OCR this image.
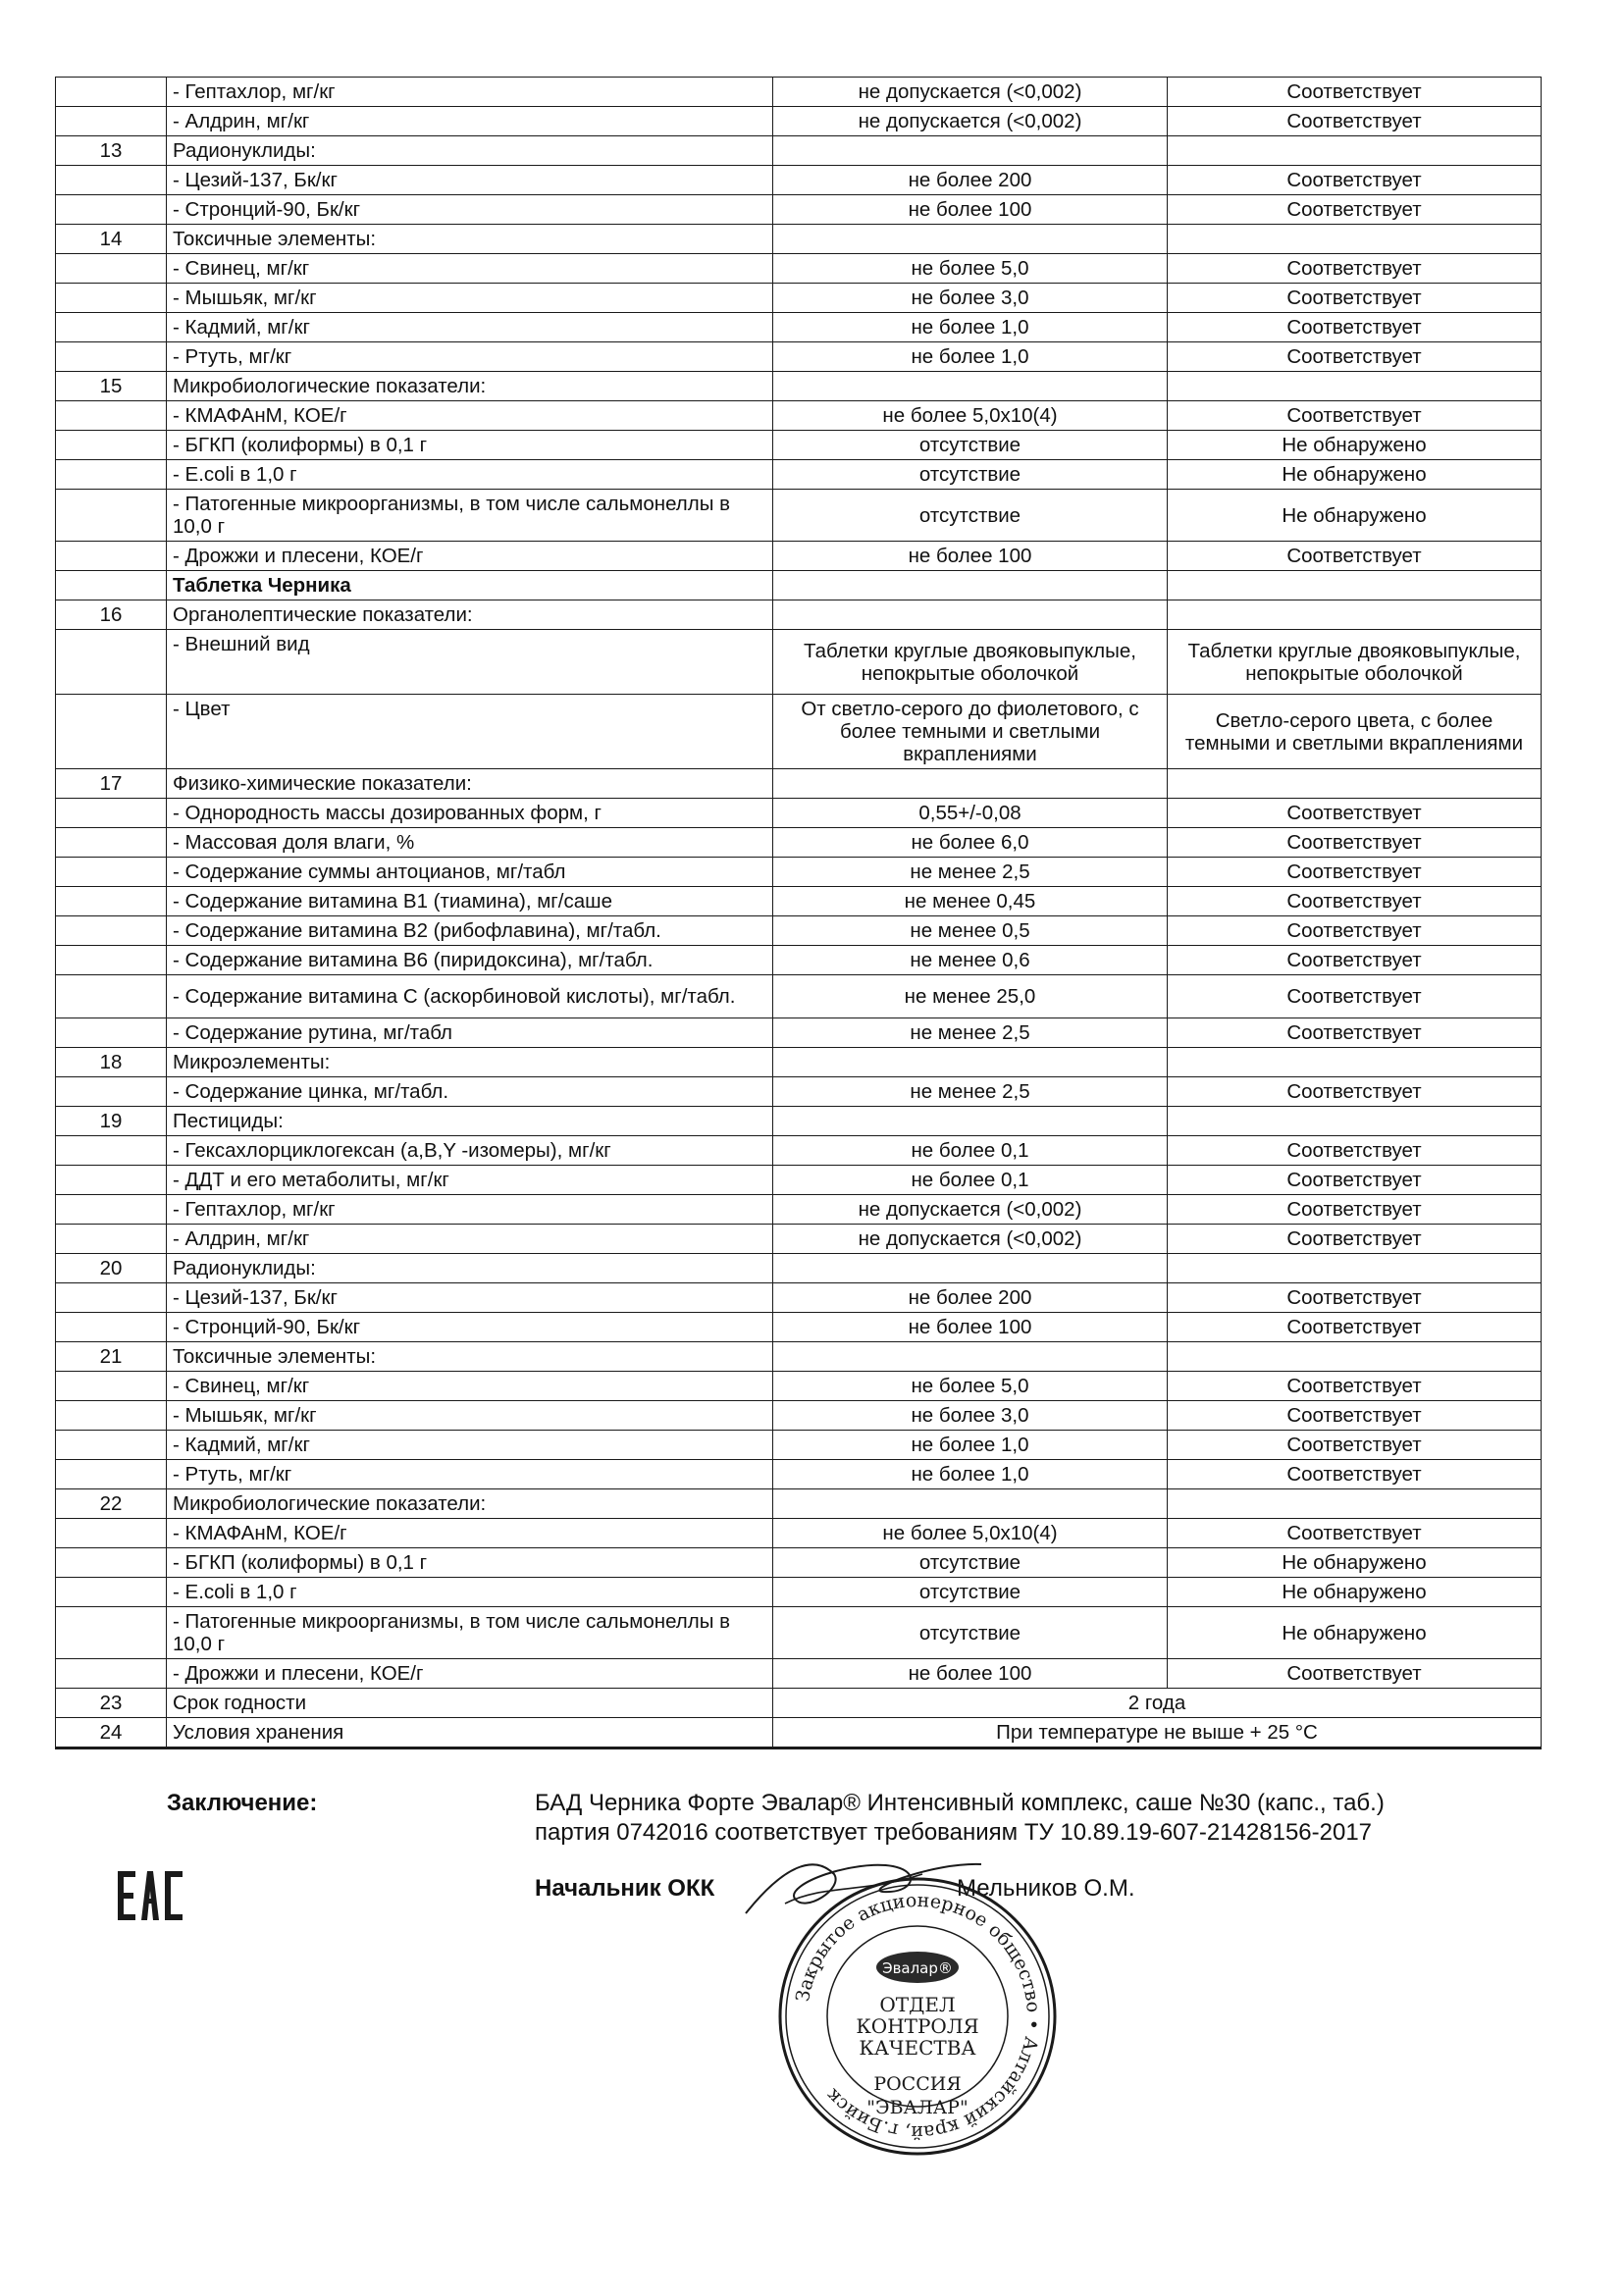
	- Гептахлор, мг/кг	не допускается (<0,002)	Соответствует
	- Алдрин, мг/кг	не допускается (<0,002)	Соответствует
13	Радионуклиды:		
	- Цезий-137, Бк/кг	не более 200	Соответствует
	- Стронций-90, Бк/кг	не более 100	Соответствует
14	Токсичные элементы:		
	- Свинец, мг/кг	не более 5,0	Соответствует
	- Мышьяк, мг/кг	не более 3,0	Соответствует
	- Кадмий, мг/кг	не более 1,0	Соответствует
	- Ртуть, мг/кг	не более 1,0	Соответствует
15	Микробиологические показатели:		
	- КМАФАнМ, КОЕ/г	не более 5,0x10(4)	Соответствует
	- БГКП (колиформы) в 0,1 г	отсутствие	Не обнаружено
	- E.coli в 1,0 г	отсутствие	Не обнаружено
	- Патогенные микроорганизмы, в том числе сальмонеллы в 10,0 г	отсутствие	Не обнаружено
	- Дрожжи и плесени, КОЕ/г	не более 100	Соответствует
	Таблетка Черника		
16	Органолептические показатели:		
	- Внешний вид	Таблетки круглые двояковыпуклые, непокрытые оболочкой	Таблетки круглые двояковыпуклые, непокрытые оболочкой
	- Цвет	От светло-серого до фиолетового, с более темными и светлыми вкраплениями	Светло-серого цвета, с более темными и светлыми вкраплениями
17	Физико-химические показатели:		
	- Однородность массы дозированных форм, г	0,55+/-0,08	Соответствует
	- Массовая доля влаги, %	не более 6,0	Соответствует
	- Содержание суммы антоцианов, мг/табл	не менее 2,5	Соответствует
	- Содержание витамина В1 (тиамина), мг/саше	не менее 0,45	Соответствует
	- Содержание витамина В2 (рибофлавина), мг/табл.	не менее 0,5	Соответствует
	- Содержание витамина В6 (пиридоксина), мг/табл.	не менее 0,6	Соответствует
	- Содержание витамина С (аскорбиновой кислоты), мг/табл.	не менее 25,0	Соответствует
	- Содержание рутина, мг/табл	не менее 2,5	Соответствует
18	Микроэлементы:		
	- Содержание цинка, мг/табл.	не менее 2,5	Соответствует
19	Пестициды:		
	- Гексахлорциклогексан (а,В,Y -изомеры), мг/кг	не более 0,1	Соответствует
	- ДДТ и его метаболиты, мг/кг	не более 0,1	Соответствует
	- Гептахлор, мг/кг	не допускается (<0,002)	Соответствует
	- Алдрин, мг/кг	не допускается (<0,002)	Соответствует
20	Радионуклиды:		
	- Цезий-137, Бк/кг	не более 200	Соответствует
	- Стронций-90, Бк/кг	не более 100	Соответствует
21	Токсичные элементы:		
	- Свинец, мг/кг	не более 5,0	Соответствует
	- Мышьяк, мг/кг	не более 3,0	Соответствует
	- Кадмий, мг/кг	не более 1,0	Соответствует
	- Ртуть, мг/кг	не более 1,0	Соответствует
22	Микробиологические показатели:		
	- КМАФАнМ, КОЕ/г	не более 5,0x10(4)	Соответствует
	- БГКП (колиформы) в 0,1 г	отсутствие	Не обнаружено
	- E.coli в 1,0 г	отсутствие	Не обнаружено
	- Патогенные микроорганизмы, в том числе сальмонеллы в 10,0 г	отсутствие	Не обнаружено
	- Дрожжи и плесени, КОЕ/г	не более 100	Соответствует
23	Срок годности	2 года	
24	Условия хранения	При температуре не выше + 25 °С	
Заключение:	БАД Черника Форте Эвалар® Интенсивный комплекс, саше №30 (капс., таб.)
партия 0742016 соответствует требованиям ТУ 10.89.19-607-21428156-2017
Начальник ОКК	Мельников О.М.
Закрытое акционерное общество • Алтайский край, г.Бийск
Эвалар®
ОТДЕЛ
КОНТРОЛЯ
КАЧЕСТВА
РОССИЯ
"ЭВАЛАР"
